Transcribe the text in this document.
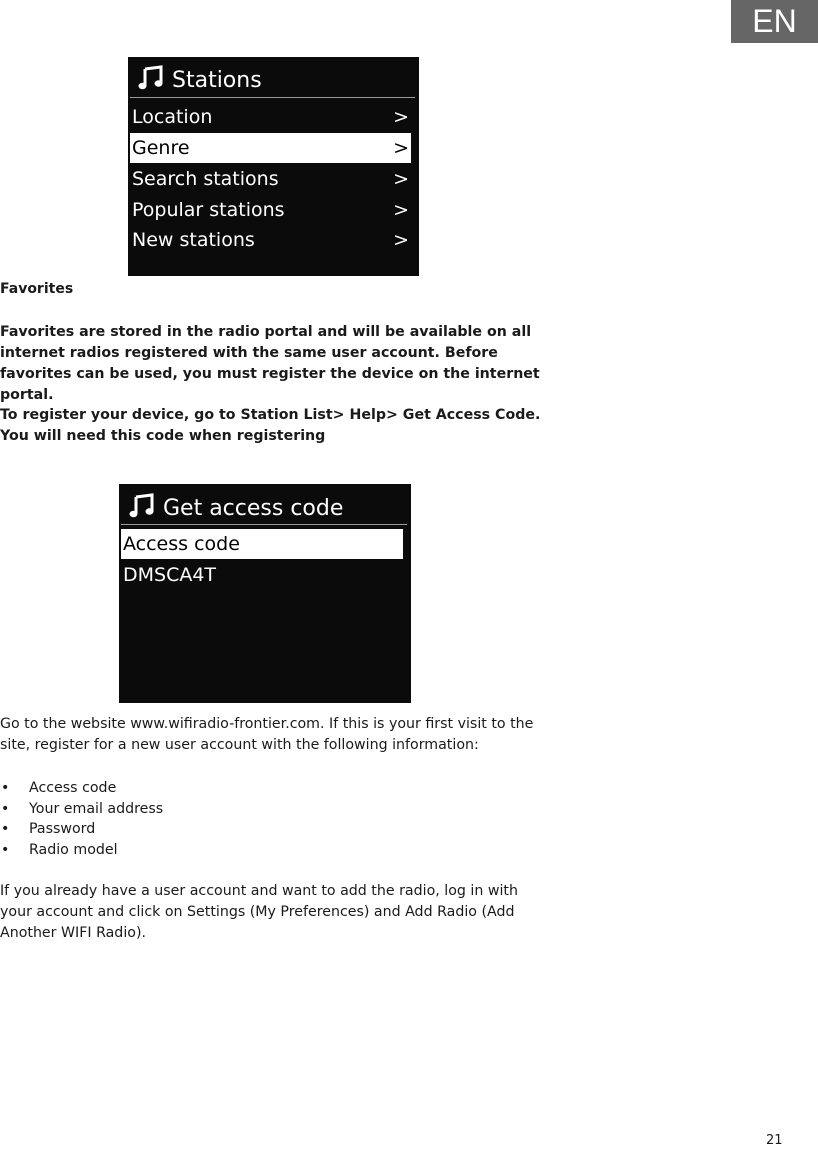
EN
Stations
Location	>
Genre	>
Search stations	>
Popular stations	>
New stations	>
Favorites

Favorites are stored in the radio portal and will be available on all internet radios registered with the same user account. Before favorites can be used, you must register the device on the internet portal.

To register your device, go to Station List> Help> Get Access Code. You will need this code when registering

Get access code
Access code
DMSCA4T

Go to the website www.wifiradio-frontier.com. If this is your first visit to the site, register for a new user account with the following information:

• Access code
• Your email address
• Password
• Radio model

If you already have a user account and want to add the radio, log in with your account and click on Settings (My Preferences) and Add Radio (Add Another WIFI Radio).

21
